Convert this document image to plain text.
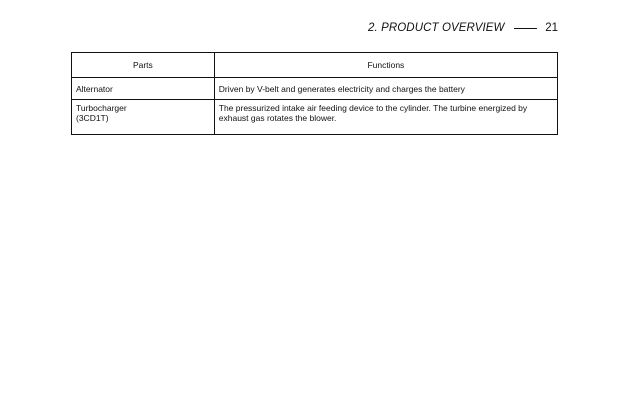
2. PRODUCT OVERVIEW	21
Parts	Functions

Alternator	Driven by V-belt and generates electricity and charges the battery

Turbocharger
(3CD1T)	The pressurized intake air feeding device to the cylinder. The turbine energized by
exhaust gas rotates the blower.
